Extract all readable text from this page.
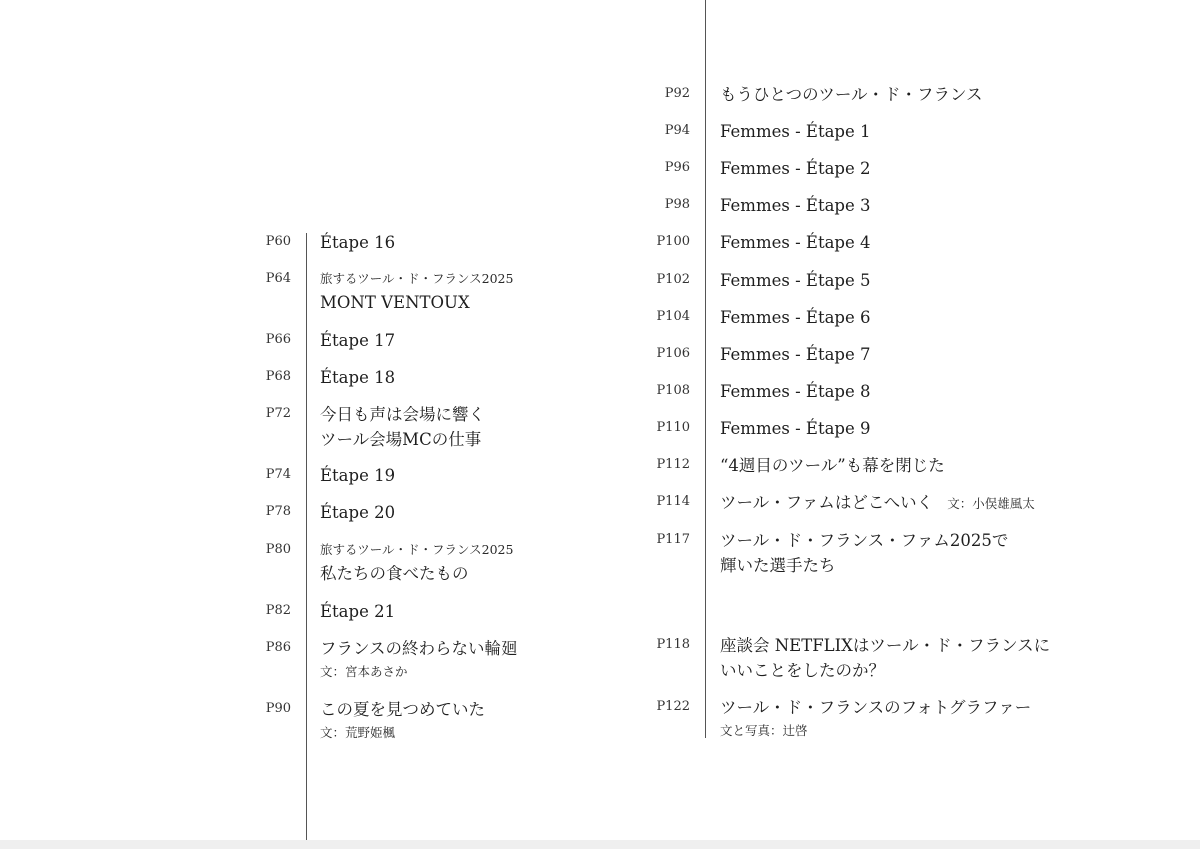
P60 Étape 16
P64 旅するツール・ド・フランス2025
MONT VENTOUX
P66 Étape 17
P68 Étape 18
P72 今日も声は会場に響く
ツール会場MCの仕事
P74 Étape 19
P78 Étape 20
P80 旅するツール・ド・フランス2025
私たちの食べたもの
P82 Étape 21
P86 フランスの終わらない輪廻
文：宮本あさか
P90 この夏を見つめていた
文：荒野姫楓
P92 もうひとつのツール・ド・フランス
P94 Femmes - Étape 1
P96 Femmes - Étape 2
P98 Femmes - Étape 3
P100 Femmes - Étape 4
P102 Femmes - Étape 5
P104 Femmes - Étape 6
P106 Femmes - Étape 7
P108 Femmes - Étape 8
P110 Femmes - Étape 9
P112 “4週目のツール”も幕を閉じた
P114 ツール・ファムはどこへいく 文：小俣雄風太
P117 ツール・ド・フランス・ファム2025で
輝いた選手たち
P118 座談会 NETFLIXはツール・ド・フランスに
いいことをしたのか？
P122 ツール・ド・フランスのフォトグラファー
文と写真：辻啓
